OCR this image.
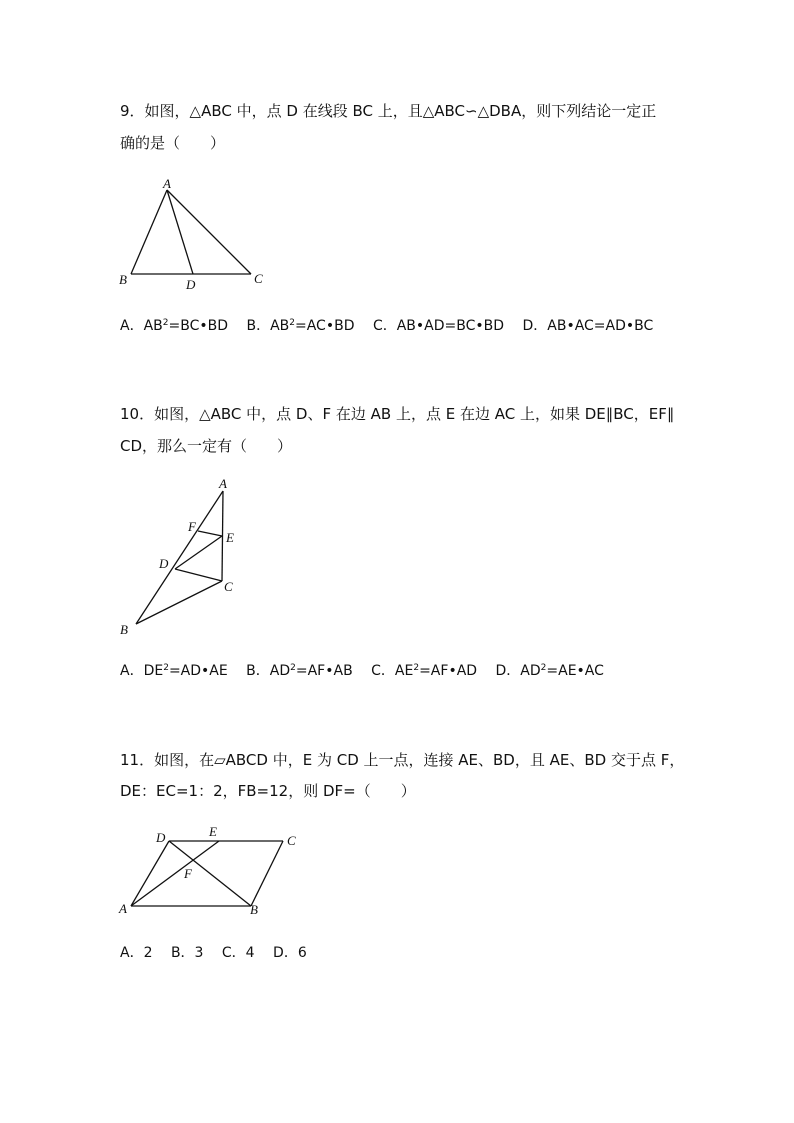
9．如图，△ABC 中，点 D 在线段 BC 上，且△ABC∽△DBA，则下列结论一定正
确的是（　　）
A
B	C
D
A．$AB^2=BC•BD$ B．$AB^2=AC•BD$ C．AB•AD=BC•BD D．AB•AC=AD•BC
10．如图，△ABC 中，点 D、F 在边 AB 上，点 E 在边 AC 上，如果 DE∥BC，EF∥
CD，那么一定有（　　）
A
F
E
D
C
B
A．$DE^2=AD•AE$ B．$AD^2=AF•AB$ C．$AE^2=AF•AD$ D．$AD^2=AE•AC$
11．如图，在▱ABCD 中，E 为 CD 上一点，连接 AE、BD，且 AE、BD 交于点 F，
DE：EC=1：2，FB=12，则 DF=（　　）
D	E
C
F
A	B
A．2 B．3 C．4 D．6
